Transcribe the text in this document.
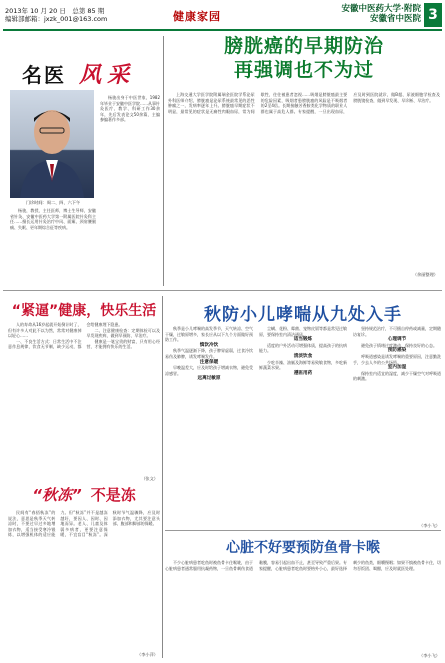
2013年 10 月 20 日　总第 85 期
编辑部邮箱：jxzk_001@163.com	健康家园
安徽中医药大学·附院
安徽省中医院 3
名医 风采
门诊时间：周二、四、六下午
杨骏，教授，主任医师，博士生导师，安徽省针灸、安徽中医药大学第一附属医院针灸科主任……擅长运用针灸治疗中风、面瘫、颈肩腰腿痛、失眠、更年期综合征等疾病。
杨骏出身于中医世家，1982年毕业于安徽中医学院……从事针灸医疗、教学、科研工作30余年，先后发表论文50余篇，主编参编著作多部。
膀胱癌的早期防治
再强调也不为过
上海交通大学医学院附属瑞金医院学系泌尿外科医师介绍，膀胱癌是泌尿系统最常见的恶性肿瘤之一，发病率逐年上升。膀胱癌早期症状不明显，最常见的症状是无痛性肉眼血尿，常为间歇性，往往被患者忽视……吸烟是膀胱癌最主要的危险因素，吸烟者患膀胱癌的风险是不吸烟者的2至4倍。长期接触芳香胺类化学物质的职业人群也属于高危人群。专家提醒，一旦出现血尿，应及时到医院就诊，做B超、尿液细胞学检查及膀胱镜检查，做到早发现、早诊断、早治疗。
（余丽整理）
秋防小儿哮喘从九处入手

秋季是小儿哮喘的高发季节，天气转凉、空气干燥，过敏原增多，家长应从以下九个方面做好预防工作。

慎饮冷饮

秋季气温逐渐下降，孩子脾胃虚弱，过食冷饮易伤及肺脾，诱发哮喘发作。

注意保暖

早晚温差大，应及时给孩子增减衣物，避免受凉感冒。

远离过敏原

尘螨、花粉、霉菌、宠物皮屑等都是常见过敏原，要保持室内清洁通风。

适当锻炼

适度的户外活动可增强体质，提高孩子的抗病能力。

清淡饮食

少吃辛辣、油腻及海鲜等易致敏食物，多吃新鲜蔬菜水果。

遵医用药

坚持规范治疗，不可擅自停药或减量，定期随访复诊。

心理调节

避免孩子情绪过度激动，保持良好的心态。

预防感染

呼吸道感染是诱发哮喘的重要原因，注意勤洗手，少去人多的公共场所。

室内加湿

保持室内适宜的湿度，减少干燥空气对呼吸道的刺激。

（李小飞）
“紧逼”健康，快乐生活

人的寿命从16岁起就开始倒计时了，但有许多人对此不以为然，常常对健康掉以轻心……

一、不良生活方式：日常生活中不注意作息规律，饮食无节制，缺少运动，都会给健康埋下隐患。

二、注意健康检查：定期体检可以及早发现疾病，做到早预防、早治疗。

健康是一笔宝贵的财富，只有用心经营，才能拥有快乐的生活。

（张文）
“秋冻” 不是冻
民间有“春捂秋冻”的说法，意思是秋季天气转凉时，不要过早过多地增加衣物，适当接受寒冷锻炼，以增强机体的适应能力。但“秋冻”并不是越冻越好，要因人、因时、因地而异。老人、儿童及体弱多病者，更要注意保暖，不宜盲目“秋冻”。深秋时节气温骤降，应及时添加衣物，尤其要注意头部、腹部和脚部的保暖。
（李小萍）
心脏不好要预防鱼骨卡喉
不少心脏病患者吃鱼时被鱼骨卡住喉咙，由于心脏病患者通常服用抗凝药物，一旦鱼骨刺伤食道黏膜，容易引起出血不止，甚至导致严重后果。专家提醒，心脏病患者吃鱼时要格外小心，最好选择刺少的鱼类，细嚼慢咽；如果不慎被鱼骨卡住，切勿吞饭团、喝醋，应及时就医处理。
（李小飞）
